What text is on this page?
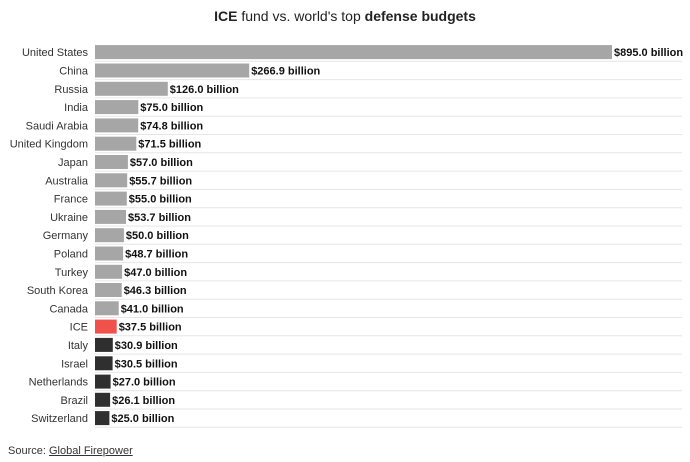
ICE fund vs. world's top defense budgets
United States	$895.0 billion
China	$266.9 billion
Russia	$126.0 billion
India	$75.0 billion
Saudi Arabia	$74.8 billion
United Kingdom	$71.5 billion
Japan	$57.0 billion
Australia	$55.7 billion
France	$55.0 billion
Ukraine	$53.7 billion
Germany	$50.0 billion
Poland	$48.7 billion
Turkey	$47.0 billion
South Korea	$46.3 billion
Canada	$41.0 billion
ICE	$37.5 billion
Italy $30.9 billion
Israel $30.5 billion
Netherlands $27.0 billion
Brazil $26.1 billion
Switzerland $25.0 billion
Source: Global Firepower
